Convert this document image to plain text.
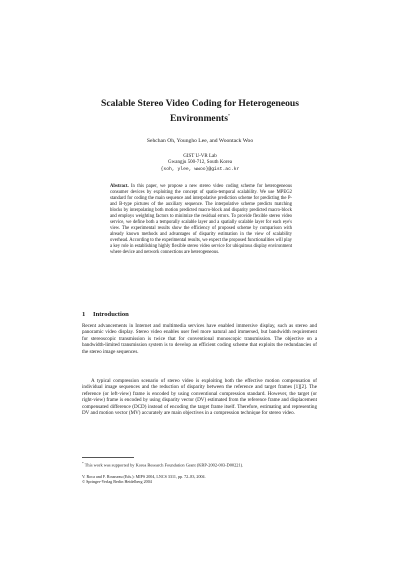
Scalable Stereo Video Coding for Heterogeneous
Environments*
Sehchan Oh, Youngho Lee, and Woontack Woo
GIST U-VR Lab
Gwangju 500-712, South Korea
{soh, ylee, wwoo}@gist.ac.kr
Abstract. In this paper, we propose a new stereo video coding scheme for heterogeneous consumer devices by exploiting the concept of spatio-temporal scalability. We use MPEG2 standard for coding the main sequence and interpolative prediction scheme for predicting the P- and B-type pictures of the auxiliary sequence. The interpolative scheme predicts matching blocks by interpolating both motion predicted macro-block and disparity predicted macro-block and employs weighting factors to minimize the residual errors. To provide flexible stereo video service, we define both a temporally scalable layer and a spatially scalable layer for each eye's view. The experimental results show the efficiency of proposed scheme by comparison with already known methods and advantages of disparity estimation in the view of scalability overhead. According to the experimental results, we expect the proposed functionalities will play a key role in establishing highly flexible stereo video service for ubiquitous display environment where device and network connections are heterogeneous.
1 Introduction
Recent advancements in Internet and multimedia services have enabled immersive display, such as stereo and panoramic video display. Stereo video enables user feel more natural and immersed, but bandwidth requirement for stereoscopic transmission is twice that for conventional monoscopic transmission. The objective on a bandwidth-limited transmission system is to develop an efficient coding scheme that exploits the redundancies of the stereo image sequences.
A typical compression scenario of stereo video is exploiting both the effective motion compensation of individual image sequences and the reduction of disparity between the reference and target frames [1][2]. The reference (or left-view) frame is encoded by using conventional compression standard. However, the target (or right-view) frame is encoded by using disparity vector (DV) estimated from the reference frame and displacement compensated difference (DCD) instead of encoding the target frame itself. Therefore, estimating and representing DV and motion vector (MV) accurately are main objectives in a compression technique for stereo video.
* This work was supported by Korea Research Foundation Grant (KRP-2002-003-D00221).
V. Roca and F. Rousseau (Eds.): MIPS 2004, LNCS 3311, pp. 72–83, 2004.
© Springer-Verlag Berlin Heidelberg 2004
